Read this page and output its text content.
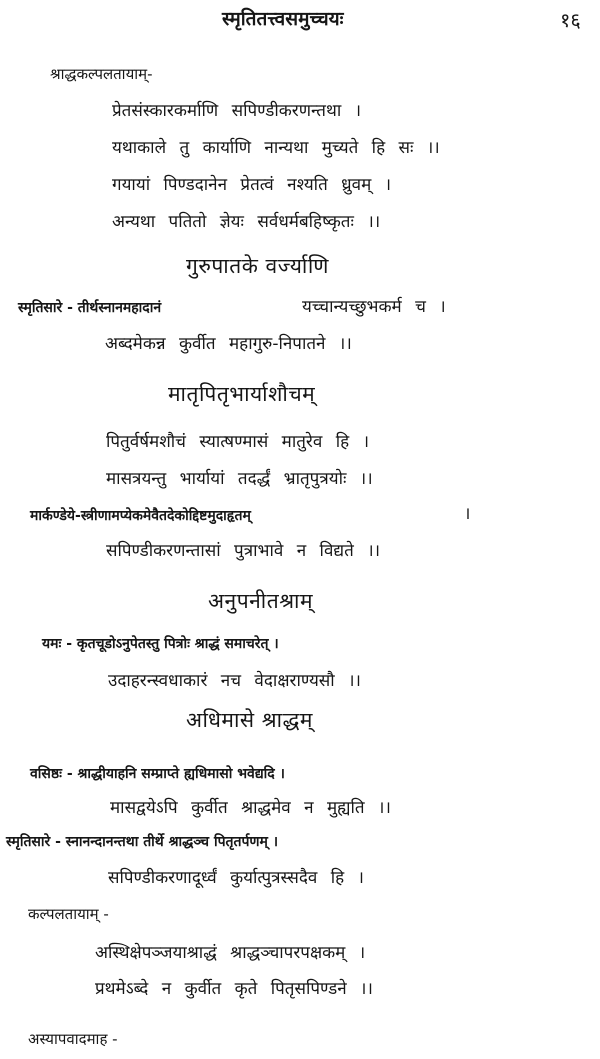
स्मृतितत्त्वसमुच्चयः	१६
श्राद्धकल्पलतायाम्-
प्रेतसंस्कारकर्माणि सपिण्डीकरणन्तथा ।
यथाकाले तु कार्याणि नान्यथा मुच्यते हि सः ।।
गयायां पिण्डदानेन प्रेतत्वं नश्यति ध्रुवम् ।
अन्यथा पतितो ज्ञेयः सर्वधर्मबहिष्कृतः ।।
गुरुपातके वर्ज्याणि
स्मृतिसारे - तीर्थस्नानमहादानं	यच्चान्यच्छुभकर्म च ।
अब्दमेकन्न कुर्वीत महागुरु-निपातने ।।
मातृपितृभार्याशौचम्
पितुर्वर्षमशौचं स्यात्षण्मासं मातुरेव हि ।
मासत्रयन्तु भार्यायां तदर्द्धं भ्रातृपुत्रयोः ।।
मार्कण्डेये-स्त्रीणामप्येकमेवैतदेकोद्दिष्टमुदाहृतम्	।
सपिण्डीकरणन्तासां पुत्राभावे न विद्यते ।।
अनुपनीतश्राम्
यमः - कृतचूडोऽनुपेतस्तु पित्रोः श्राद्धं समाचरेत् ।
उदाहरन्स्वधाकारं नच वेदाक्षराण्यसौ ।।
अधिमासे श्राद्धम्
वसिष्ठः - श्राद्धीयाहनि सम्प्राप्ते ह्यधिमासो भवेद्यदि ।
मासद्वयेऽपि कुर्वीत श्राद्धमेव न मुह्यति ।।
स्मृतिसारे - स्नानन्दानन्तथा तीर्थे श्राद्धञ्च पितृतर्पणम् ।
सपिण्डीकरणादूर्ध्वं कुर्यात्पुत्रस्सदैव हि ।
कल्पलतायाम् -
अस्थिक्षेपञ्जयाश्राद्धं श्राद्धञ्चापरपक्षकम् ।
प्रथमेऽब्दे न कुर्वीत कृते पितृसपिण्डने ।।
अस्यापवादमाह -
